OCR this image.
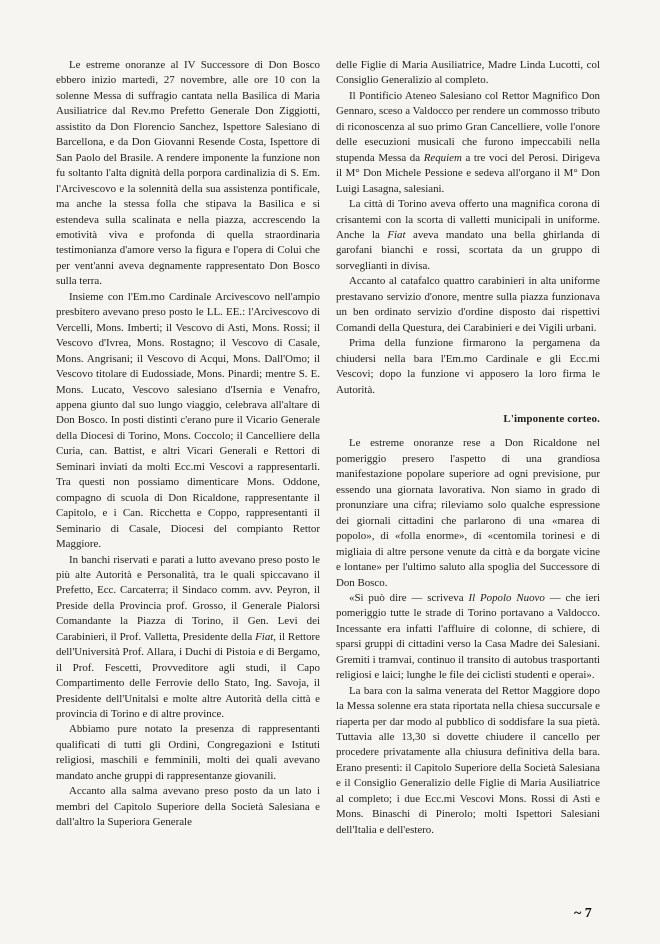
Le estreme onoranze al IV Successore di Don Bosco ebbero inizio martedì, 27 novembre, alle ore 10 con la solenne Messa di suffragio cantata nella Basilica di Maria Ausiliatrice dal Rev.mo Prefetto Generale Don Ziggiotti, assistito da Don Florencio Sanchez, Ispettore Salesiano di Barcellona, e da Don Giovanni Resende Costa, Ispettore di San Paolo del Brasile. A rendere imponente la funzione non fu soltanto l'alta dignità della porpora cardinalizia di S. Em. l'Arcivescovo e la solennità della sua assistenza pontificale, ma anche la stessa folla che stipava la Basilica e si estendeva sulla scalinata e nella piazza, accrescendo la emotività viva e profonda di quella straordinaria testimonianza d'amore verso la figura e l'opera di Colui che per vent'anni aveva degnamente rappresentato Don Bosco sulla terra.

Insieme con l'Em.mo Cardinale Arcivescovo nell'ampio presbitero avevano preso posto le LL. EE.: l'Arcivescovo di Vercelli, Mons. Imberti; il Vescovo di Asti, Mons. Rossi; il Vescovo d'Ivrea, Mons. Rostagno; il Vescovo di Casale, Mons. Angrisani; il Vescovo di Acqui, Mons. Dall'Omo; il Vescovo titolare di Eudossiade, Mons. Pinardi; mentre S. E. Mons. Lucato, Vescovo salesiano d'Isernia e Venafro, appena giunto dal suo lungo viaggio, celebrava all'altare di Don Bosco. In posti distinti c'erano pure il Vicario Generale della Diocesi di Torino, Mons. Coccolo; il Cancelliere della Curia, can. Battist, e altri Vicari Generali e Rettori di Seminari inviati da molti Ecc.mi Vescovi a rappresentarli. Tra questi non possiamo dimenticare Mons. Oddone, compagno di scuola di Don Ricaldone, rappresentante il Capitolo, e i Can. Ricchetta e Coppo, rappresentanti il Seminario di Casale, Diocesi del compianto Rettor Maggiore.

In banchi riservati e parati a lutto avevano preso posto le più alte Autorità e Personalità, tra le quali spiccavano il Prefetto, Ecc. Carcaterra; il Sindaco comm. avv. Peyron, il Preside della Provincia prof. Grosso, il Generale Pialorsi Comandante la Piazza di Torino, il Gen. Levi dei Carabinieri, il Prof. Valletta, Presidente della Fiat, il Rettore dell'Università Prof. Allara, i Duchi di Pistoia e di Bergamo, il Prof. Fescetti, Provveditore agli studi, il Capo Compartimento delle Ferrovie dello Stato, Ing. Savoja, il Presidente dell'Unitalsi e molte altre Autorità della città e provincia di Torino e di altre province.

Abbiamo pure notato la presenza di rappresentanti qualificati di tutti gli Ordini, Congregazioni e Istituti religiosi, maschili e femminili, molti dei quali avevano mandato anche gruppi di rappresentanze giovanili.

Accanto alla salma avevano preso posto da un lato i membri del Capitolo Superiore della Società Salesiana e dall'altro la Superiora Generale

delle Figlie di Maria Ausiliatrice, Madre Linda Lucotti, col Consiglio Generalizio al completo.

Il Pontificio Ateneo Salesiano col Rettor Magnifico Don Gennaro, sceso a Valdocco per rendere un commosso tributo di riconoscenza al suo primo Gran Cancelliere, volle l'onore delle esecuzioni musicali che furono impeccabili nella stupenda Messa da Requiem a tre voci del Perosi. Dirigeva il M° Don Michele Pessione e sedeva all'organo il M° Don Luigi Lasagna, salesiani.

La città di Torino aveva offerto una magnifica corona di crisantemi con la scorta di valletti municipali in uniforme. Anche la Fiat aveva mandato una bella ghirlanda di garofani bianchi e rossi, scortata da un gruppo di sorveglianti in divisa.

Accanto al catafalco quattro carabinieri in alta uniforme prestavano servizio d'onore, mentre sulla piazza funzionava un ben ordinato servizio d'ordine disposto dai rispettivi Comandi della Questura, dei Carabinieri e dei Vigili urbani.

Prima della funzione firmarono la pergamena da chiudersi nella bara l'Em.mo Cardinale e gli Ecc.mi Vescovi; dopo la funzione vi apposero la loro firma le Autorità.

L'imponente corteo.

Le estreme onoranze rese a Don Ricaldone nel pomeriggio presero l'aspetto di una grandiosa manifestazione popolare superiore ad ogni previsione, pur essendo una giornata lavorativa. Non siamo in grado di pronunziare una cifra; rileviamo solo qualche espressione dei giornali cittadini che parlarono di una «marea di popolo», di «folla enorme», di «centomila torinesi e di migliaia di altre persone venute da città e da borgate vicine e lontane» per l'ultimo saluto alla spoglia del Successore di Don Bosco.

«Si può dire — scriveva Il Popolo Nuovo — che ieri pomeriggio tutte le strade di Torino portavano a Valdocco. Incessante era infatti l'affluire di colonne, di schiere, di sparsi gruppi di cittadini verso la Casa Madre dei Salesiani. Gremiti i tramvai, continuo il transito di autobus trasportanti religiosi e laici; lunghe le file dei ciclisti studenti e operai».

La bara con la salma venerata del Rettor Maggiore dopo la Messa solenne era stata riportata nella chiesa succursale e riaperta per dar modo al pubblico di soddisfare la sua pietà. Tuttavia alle 13,30 si dovette chiudere il cancello per procedere privatamente alla chiusura definitiva della bara. Erano presenti: il Capitolo Superiore della Società Salesiana e il Consiglio Generalizio delle Figlie di Maria Ausiliatrice al completo; i due Ecc.mi Vescovi Mons. Rossi di Asti e Mons. Binaschi di Pinerolo; molti Ispettori Salesiani dell'Italia e dell'estero.

~ 7
